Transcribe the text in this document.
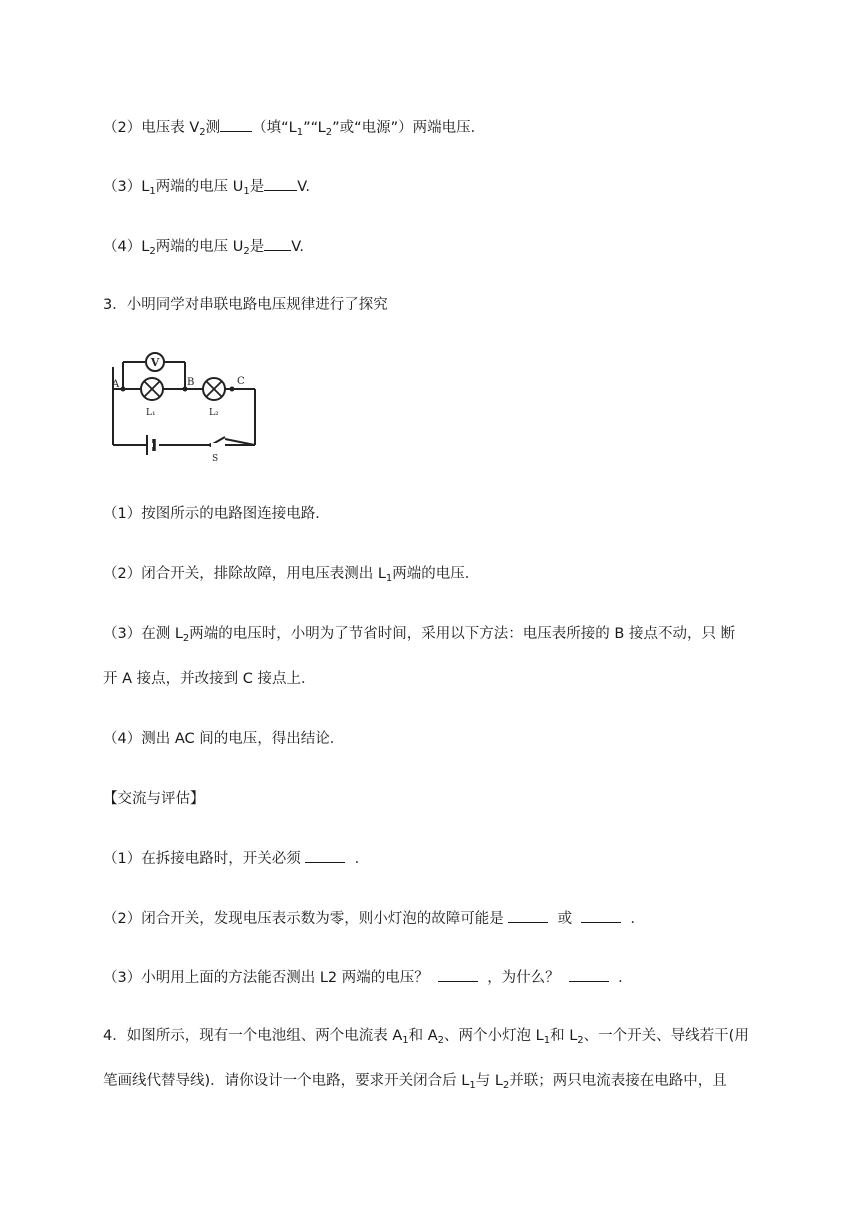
（2）电压表 $V_2$测 （填“$L_1”“L_2$”或“电源”）两端电压．
$(3)L_1$两端的电压 $U_1$是 V.
$(4)L_2$两端的电压 $U_2$是 V.
3．小明同学对串联电路电压规律进行了探究
V
A	B	C
L₁	L₂
S
（1）按图所示的电路图连接电路．
（2）闭合开关，排除故障，用电压表测出 $L_1$两端的电压．
（3）在测 $L_2$两端的电压时，小明为了节省时间，采用以下方法：电压表所接的 B 接点不动，只 断
开 A 接点，并改接到 C 接点上．
（4）测出 AC 间的电压，得出结论．
【交流与评估】
（1）在拆接电路时，开关必须	．
（2）闭合开关，发现电压表示数为零，则小灯泡的故障可能是	或	．
（3）小明用上面的方法能否测出 L2 两端的电压？	，为什么？	．
4．如图所示，现有一个电池组、两个电流表 $A_1$和 $A_2$、两个小灯泡 $L_1$和 $L_2$、一个开关、导线若干(用
笔画线代替导线)．请你设计一个电路，要求开关闭合后 $L_1$与 $L_2$并联；两只电流表接在电路中，且
